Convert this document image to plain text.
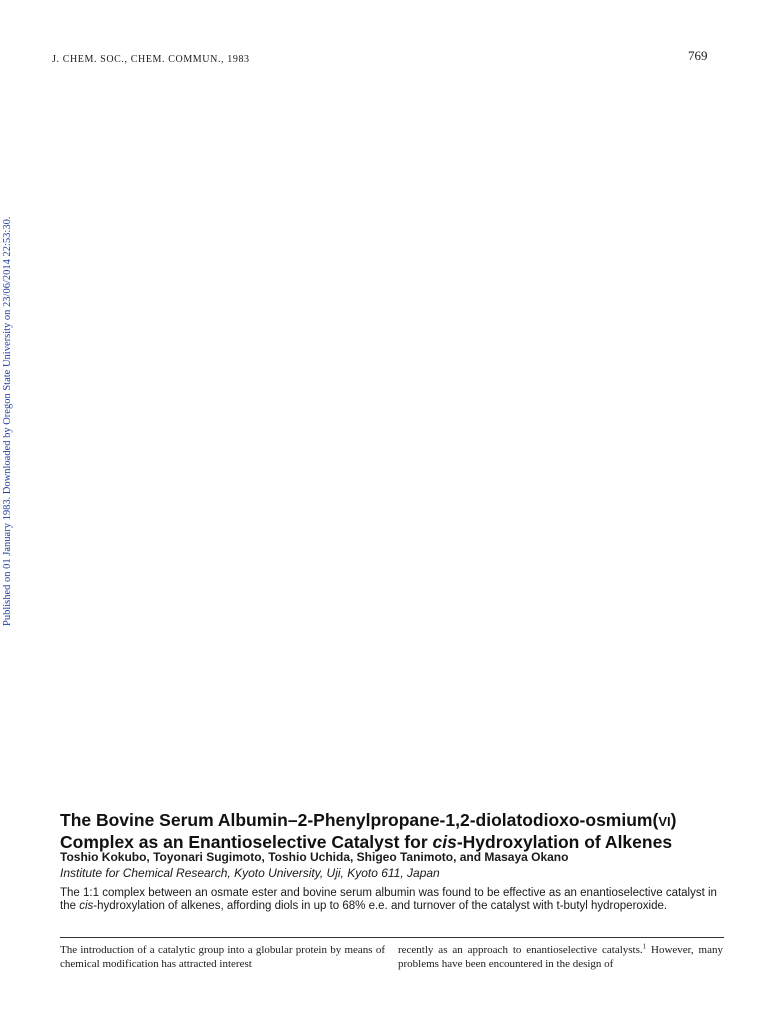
J. CHEM. SOC., CHEM. COMMUN., 1983	769
Published on 01 January 1983. Downloaded by Oregon State University on 23/06/2014 22:53:30.
The Bovine Serum Albumin–2-Phenylpropane-1,2-diolatodioxo-osmium(VI) Complex as an Enantioselective Catalyst for cis-Hydroxylation of Alkenes
Toshio Kokubo, Toyonari Sugimoto, Toshio Uchida, Shigeo Tanimoto, and Masaya Okano
Institute for Chemical Research, Kyoto University, Uji, Kyoto 611, Japan
The 1:1 complex between an osmate ester and bovine serum albumin was found to be effective as an enantioselective catalyst in the cis-hydroxylation of alkenes, affording diols in up to 68% e.e. and turnover of the catalyst with t-butyl hydroperoxide.
The introduction of a catalytic group into a globular protein by means of chemical modification has attracted interest
recently as an approach to enantioselective catalysts.$^1$ However, many problems have been encountered in the design of
